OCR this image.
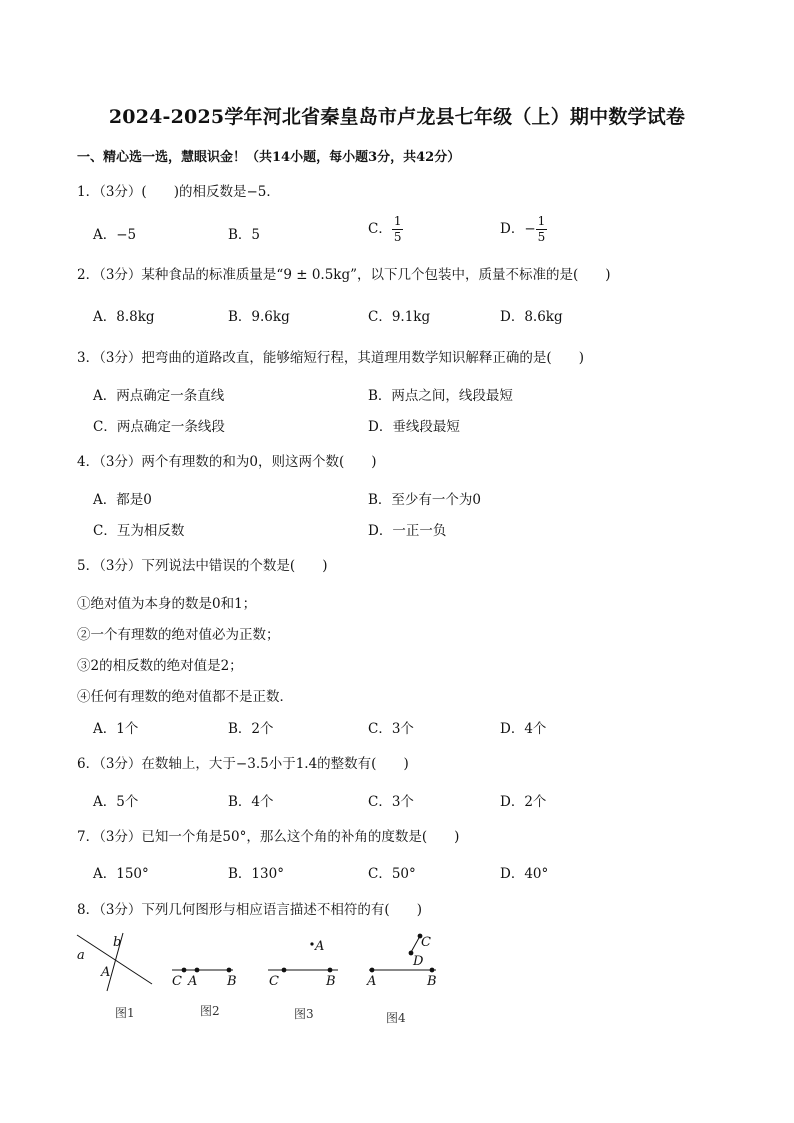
2024-2025学年河北省秦皇岛市卢龙县七年级（上）期中数学试卷
一、精心选一选，慧眼识金！（共14小题，每小题3分，共42分）
1．（3分）(　　)的相反数是−5．
A．−5	B．5	C． $\frac{1}{5}$	D．− $\frac{1}{5}$
2．（3分）某种食品的标准质量是“9 ± 0.5kg”，以下几个包装中，质量不标准的是(　　)
A．8.8kg	B．9.6kg	C．9.1kg	D．8.6kg
3．（3分）把弯曲的道路改直，能够缩短行程，其道理用数学知识解释正确的是(　　)
A．两点确定一条直线	B．两点之间，线段最短
C．两点确定一条线段	D．垂线段最短
4．（3分）两个有理数的和为0，则这两个数(　　)
A．都是0	B．至少有一个为0
C．互为相反数	D．一正一负
5．（3分）下列说法中错误的个数是(　　)
①绝对值为本身的数是0和1；
②一个有理数的绝对值必为正数；
③2的相反数的绝对值是2；
④任何有理数的绝对值都不是正数．
A．1个	B．2个	C．3个	D．4个
6．（3分）在数轴上，大于−3.5小于1.4的整数有(　　)
A．5个	B．4个	C．3个	D．2个
7．（3分）已知一个角是50°，那么这个角的补角的度数是(　　)
A．150°	B．130°	C．50°	D．40°
8．（3分）下列几何图形与相应语言描述不相符的有(　　)
a
b
A
图1
C A B
图2
A
C	B
图3
C
D
A	B
图4
